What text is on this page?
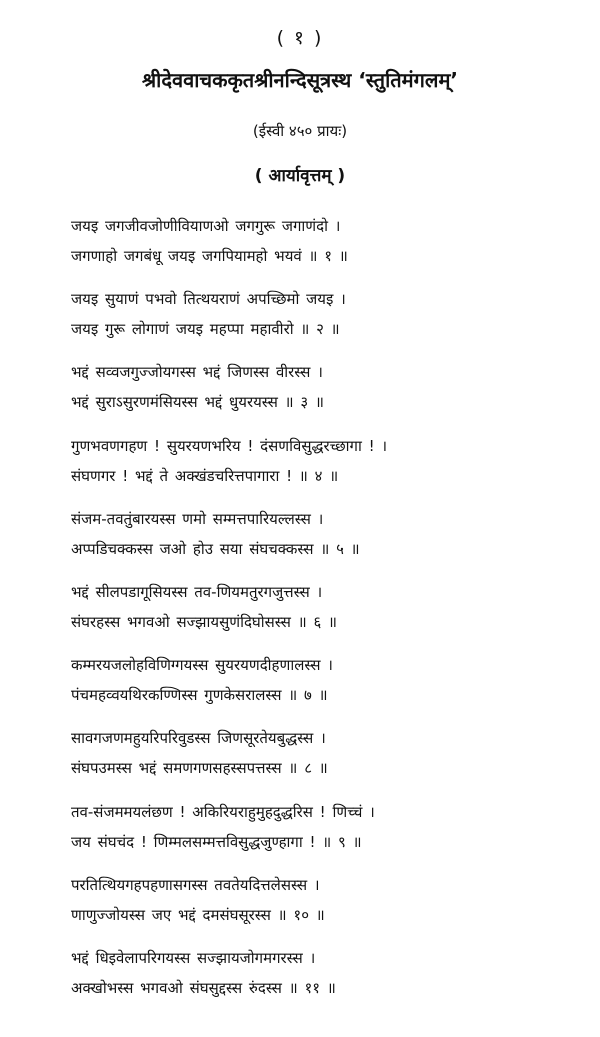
( १ )
श्रीदेववाचककृतश्रीनन्दिसूत्रस्थ ‘स्तुतिमंगलम्’
(ईस्वी ४५० प्रायः)
( आर्यावृत्तम् )
जयइ जगजीवजोणीवियाणओ जगगुरू जगाणंदो ।
जगणाहो जगबंधू जयइ जगपियामहो भयवं ॥ १ ॥
जयइ सुयाणं पभवो तित्थयराणं अपच्छिमो जयइ ।
जयइ गुरू लोगाणं जयइ महप्पा महावीरो ॥ २ ॥
भद्दं सव्वजगुज्जोयगस्स भद्दं जिणस्स वीरस्स ।
भद्दं सुराऽसुरणमंसियस्स भद्दं धुयरयस्स ॥ ३ ॥
गुणभवणगहण ! सुयरयणभरिय ! दंसणविसुद्धरच्छागा ! ।
संघणगर ! भद्दं ते अक्खंडचरित्तपागारा ! ॥ ४ ॥
संजम-तवतुंबारयस्स णमो सम्मत्तपारियल्लस्स ।
अप्पडिचक्कस्स जओ होउ सया संघचक्कस्स ॥ ५ ॥
भद्दं सीलपडागूसियस्स तव-णियमतुरगजुत्तस्स ।
संघरहस्स भगवओ सज्झायसुणंदिघोसस्स ॥ ६ ॥
कम्मरयजलोहविणिग्गयस्स सुयरयणदीहणालस्स ।
पंचमहव्वयथिरकण्णिस्स गुणकेसरालस्स ॥ ७ ॥
सावगजणमहुयरिपरिवुडस्स जिणसूरतेयबुद्धस्स ।
संघपउमस्स भद्दं समणगणसहस्सपत्तस्स ॥ ८ ॥
तव-संजममयलंछण ! अकिरियराहुमुहदुद्धरिस ! णिच्चं ।
जय संघचंद ! णिम्मलसम्मत्तविसुद्धजुण्हागा ! ॥ ९ ॥
परतित्थियगहपहणासगस्स तवतेयदित्तलेसस्स ।
णाणुज्जोयस्स जए भद्दं दमसंघसूरस्स ॥ १० ॥
भद्दं धिइवेलापरिगयस्स सज्झायजोगमगरस्स ।
अक्खोभस्स भगवओ संघसुद्दस्स रुंदस्स ॥ ११ ॥
